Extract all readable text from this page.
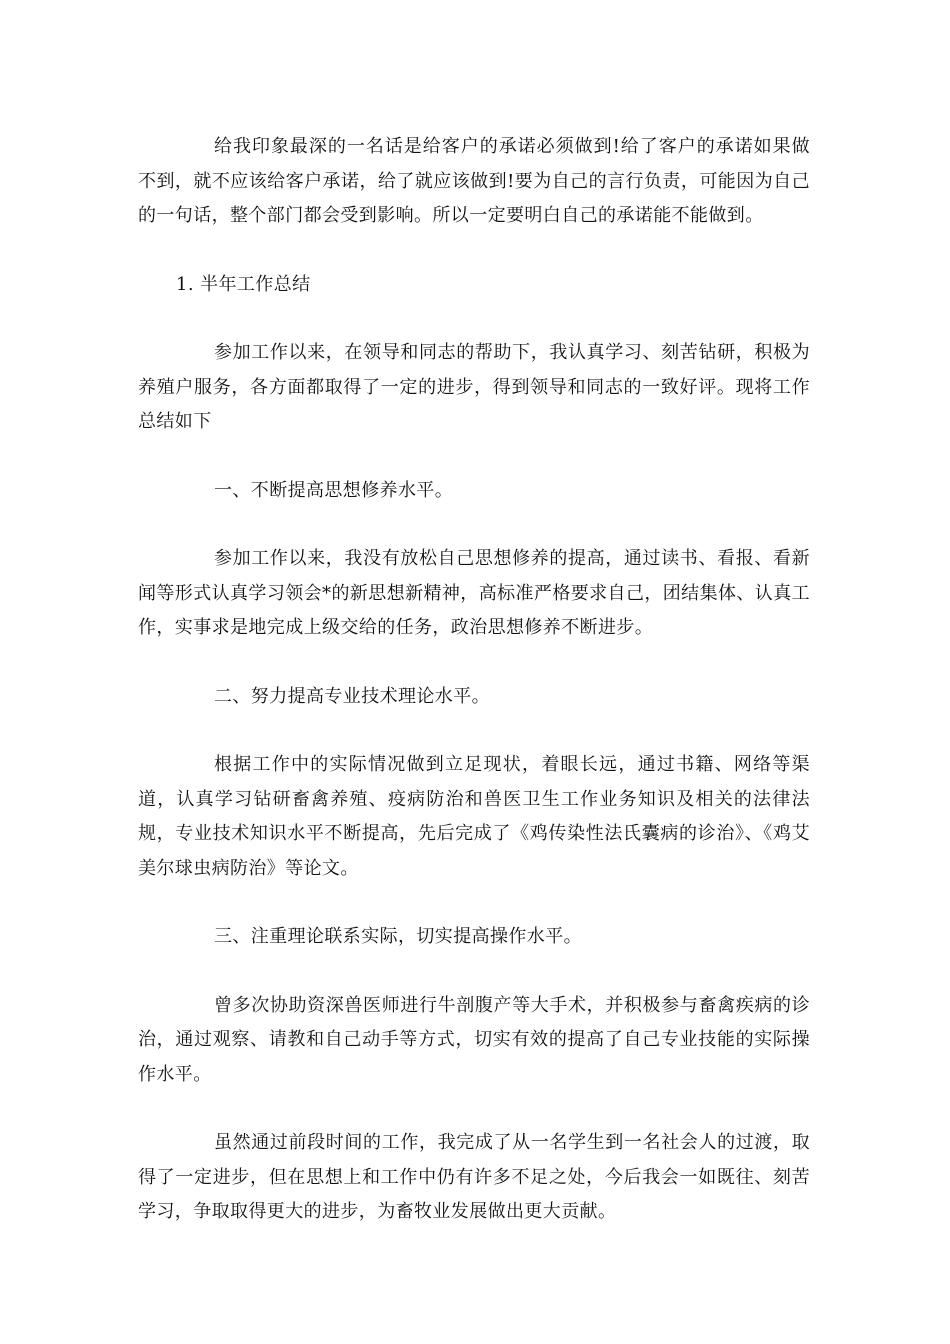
给我印象最深的一名话是给客户的承诺必须做到!给了客户的承诺如果做不到，就不应该给客户承诺，给了就应该做到!要为自己的言行负责，可能因为自己的一句话，整个部门都会受到影响。所以一定要明白自己的承诺能不能做到。

1. 半年工作总结

参加工作以来，在领导和同志的帮助下，我认真学习、刻苦钻研，积极为养殖户服务，各方面都取得了一定的进步，得到领导和同志的一致好评。现将工作总结如下

一、不断提高思想修养水平。

参加工作以来，我没有放松自己思想修养的提高，通过读书、看报、看新闻等形式认真学习领会*的新思想新精神，高标准严格要求自己，团结集体、认真工作，实事求是地完成上级交给的任务，政治思想修养不断进步。

二、努力提高专业技术理论水平。

根据工作中的实际情况做到立足现状，着眼长远，通过书籍、网络等渠道，认真学习钻研畜禽养殖、疫病防治和兽医卫生工作业务知识及相关的法律法规，专业技术知识水平不断提高，先后完成了《鸡传染性法氏囊病的诊治》、《鸡艾美尔球虫病防治》等论文。

三、注重理论联系实际，切实提高操作水平。

曾多次协助资深兽医师进行牛剖腹产等大手术，并积极参与畜禽疾病的诊治，通过观察、请教和自己动手等方式，切实有效的提高了自己专业技能的实际操作水平。

虽然通过前段时间的工作，我完成了从一名学生到一名社会人的过渡，取得了一定进步，但在思想上和工作中仍有许多不足之处，今后我会一如既往、刻苦学习，争取取得更大的进步，为畜牧业发展做出更大贡献。
